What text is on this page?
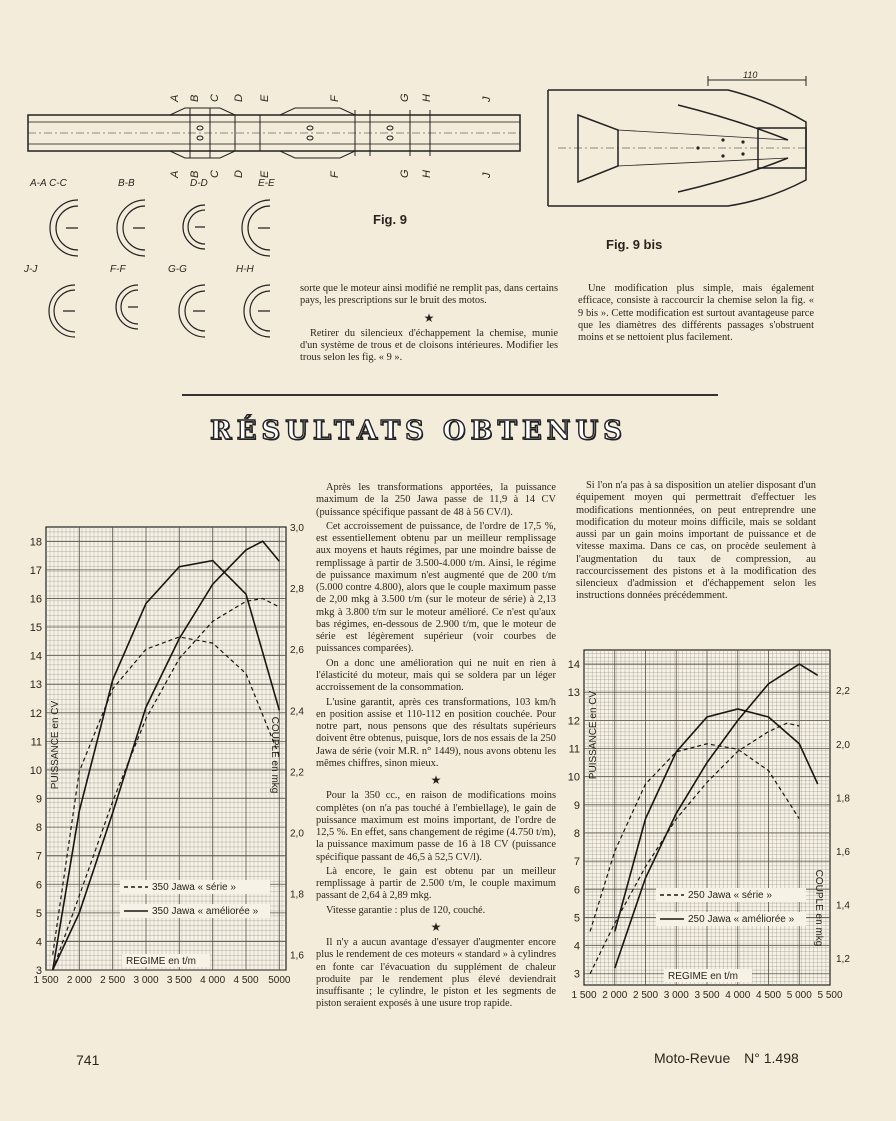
A B C D E	F	G H	J
A B C D E	F	G H	J
A-A C-C	B-B	D-D	E-E
J-J	F-F	G-G	H-H
Fig. 9
110
Fig. 9 bis

sorte que le moteur ainsi modifié ne remplit pas, dans certains pays, les prescriptions sur le bruit des motos.

★

Retirer du silencieux d'échappement la chemise, munie d'un système de trous et de cloisons intérieures. Modifier les trous selon les fig. « 9 ».

Une modification plus simple, mais également efficace, consiste à raccourcir la chemise selon la fig. « 9 bis ». Cette modification est surtout avantageuse parce que les diamètres des différents passages s'obstruent moins et se nettoient plus facilement.

RÉSULTATS OBTENUS

Après les transformations apportées, la puissance maximum de la 250 Jawa passe de 11,9 à 14 CV (puissance spécifique passant de 48 à 56 CV/l).

Cet accroissement de puissance, de l'ordre de 17,5 %, est essentiellement obtenu par un meilleur remplissage aux moyens et hauts régimes, par une moindre baisse de remplissage à partir de 3.500-4.000 t/m. Ainsi, le régime de puissance maximum n'est augmenté que de 200 t/m (5.000 contre 4.800), alors que le couple maximum passe de 2,00 mkg à 3.500 t/m (sur le moteur de série) à 2,13 mkg à 3.800 t/m sur le moteur amélioré. Ce n'est qu'aux bas régimes, en-dessous de 2.900 t/m, que le moteur de série est légèrement supérieur (voir courbes de puissances comparées).

On a donc une amélioration qui ne nuit en rien à l'élasticité du moteur, mais qui se soldera par un léger accroissement de la consommation.

L'usine garantit, après ces transformations, 103 km/h en position assise et 110-112 en position couchée. Pour notre part, nous pensons que des résultats supérieurs doivent être obtenus, puisque, lors de nos essais de la 250 Jawa de série (voir M.R. n° 1449), nous avons obtenu les mêmes chiffres, sinon mieux.

★

Pour la 350 cc., en raison de modifications moins complètes (on n'a pas touché à l'embiellage), le gain de puissance maximum est moins important, de l'ordre de 12,5 %. En effet, sans changement de régime (4.750 t/m), la puissance maximum passe de 16 à 18 CV (puissance spécifique passant de 46,5 à 52,5 CV/l).

Là encore, le gain est obtenu par un meilleur remplissage à partir de 2.500 t/m, le couple maximum passant de 2,64 à 2,89 mkg.

Vitesse garantie : plus de 120, couché.

★

Il n'y a aucun avantage d'essayer d'augmenter encore plus le rendement de ces moteurs « standard » à cylindres en fonte car l'évacuation du supplément de chaleur produite par le rendement plus élevé deviendrait insuffisante ; le cylindre, le piston et les segments de piston seraient exposés à une usure trop rapide.

Si l'on n'a pas à sa disposition un atelier disposant d'un équipement moyen qui permettrait d'effectuer les modifications mentionnées, on peut entreprendre une modification du moteur moins difficile, mais se soldant aussi par un gain moins important de puissance et de vitesse maxima. Dans ce cas, on procède seulement à l'augmentation du taux de compression, au raccourcissement des pistons et à la modification des silencieux d'admission et d'échappement selon les instructions données précédemment.

1 500 2 000 2 500 3 000 3 500 4 000 4 500 5000
3
4
5
6
7
8
9
10
11
12
13
14
15
16
17
18
1,6
1,8
2,0
2,2
2,4
2,6
2,8
3,0
PUISSANCE en CV	COUPLE en mkg
REGIME en t/m
350 Jawa « série »
350 Jawa « améliorée »
1 500 2 000 2 500 3 000 3 500 4 000 4 500 5 000 5 500
3
4
5
6
7
8
9
10
11
12
13
14
1,2
1,4
1,6
1,8
2,0
2,2
PUISSANCE en CV
COUPLE en mkg
REGIME en t/m
250 Jawa « série »
250 Jawa « améliorée »
741	Moto-Revue N° 1.498
